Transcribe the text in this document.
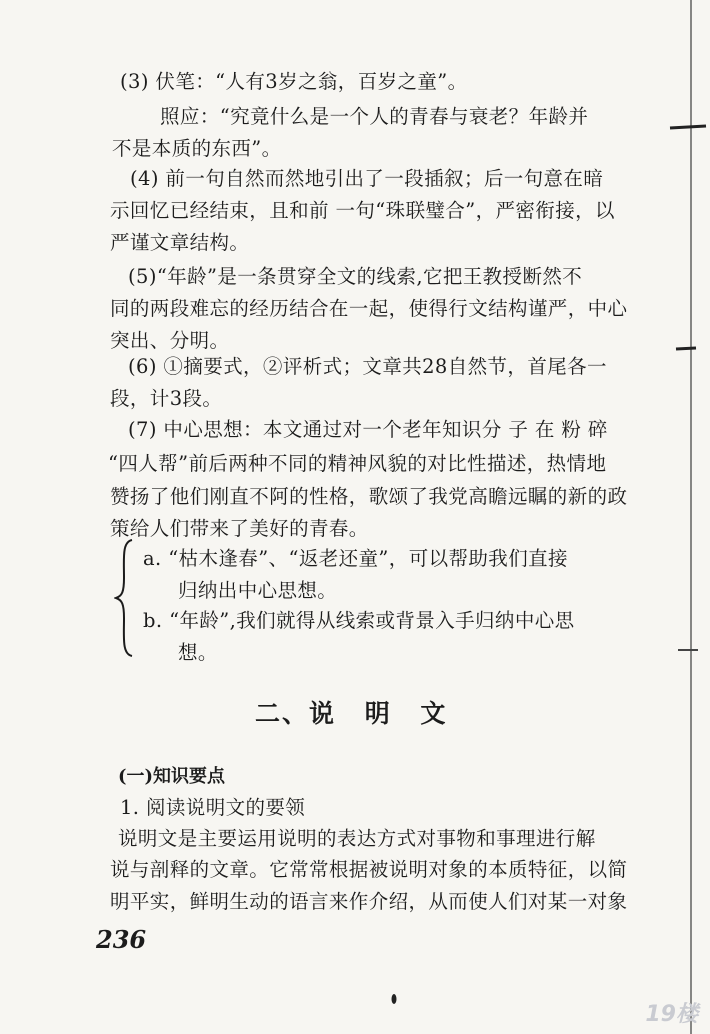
(3) 伏笔：“人有3岁之翁，百岁之童”。
照应：“究竟什么是一个人的青春与衰老？年龄并
不是本质的东西”。
(4) 前一句自然而然地引出了一段插叙；后一句意在暗
示回忆已经结束，且和前 一句“珠联璧合”，严密衔接，以
严谨文章结构。
(5)“年龄”是一条贯穿全文的线索,它把王教授断然不
同的两段难忘的经历结合在一起，使得行文结构谨严，中心
突出、分明。
(6) ①摘要式，②评析式；文章共28自然节，首尾各一
段，计3段。
(7) 中心思想：本文通过对一个老年知识分 子 在 粉 碎
“四人帮”前后两种不同的精神风貌的对比性描述，热情地
赞扬了他们刚直不阿的性格，歌颂了我党高瞻远瞩的新的政
策给人们带来了美好的青春。
a. “枯木逢春”、“返老还童”，可以帮助我们直接
归纳出中心思想。
b. “年龄”,我们就得从线索或背景入手归纳中心思
想。
二、说 明 文
(一)知识要点
1. 阅读说明文的要领
说明文是主要运用说明的表达方式对事物和事理进行解
说与剖释的文章。它常常根据被说明对象的本质特征，以简
明平实，鲜明生动的语言来作介绍，从而使人们对某一对象
236
19楼
